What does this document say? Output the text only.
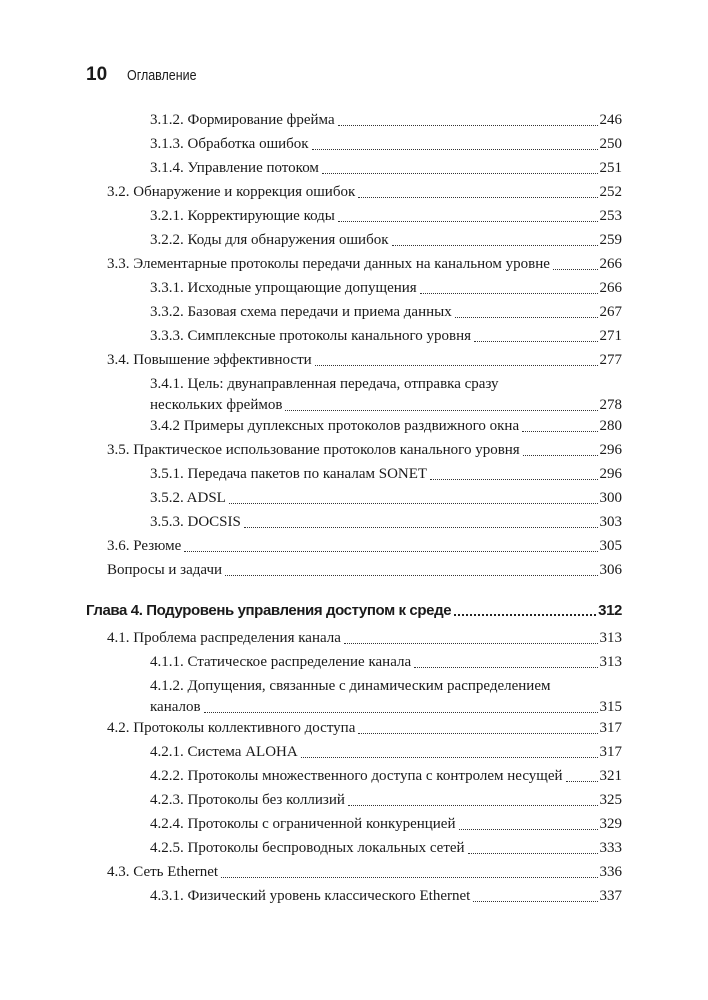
10 Оглавление
3.1.2. Формирование фрейма	246
3.1.3. Обработка ошибок	250
3.1.4. Управление потоком	251
3.2. Обнаружение и коррекция ошибок	252
3.2.1. Корректирующие коды	253
3.2.2. Коды для обнаружения ошибок	259
3.3. Элементарные протоколы передачи данных на канальном уровне	266
3.3.1. Исходные упрощающие допущения	266
3.3.2. Базовая схема передачи и приема данных	267
3.3.3. Симплексные протоколы канального уровня	271
3.4. Повышение эффективности	277
3.4.1. Цель: двунаправленная передача, отправка сразу
нескольких фреймов	278
3.4.2 Примеры дуплексных протоколов раздвижного окна	280
3.5. Практическое использование протоколов канального уровня	296
3.5.1. Передача пакетов по каналам SONET	296
3.5.2. ADSL	300
3.5.3. DOCSIS	303
3.6. Резюме	305
Вопросы и задачи	306
Глава 4. Подуровень управления доступом к среде	312
4.1. Проблема распределения канала	313
4.1.1. Статическое распределение канала	313
4.1.2. Допущения, связанные с динамическим распределением
каналов	315
4.2. Протоколы коллективного доступа	317
4.2.1. Система ALOHA	317
4.2.2. Протоколы множественного доступа с контролем несущей 321
4.2.3. Протоколы без коллизий	325
4.2.4. Протоколы с ограниченной конкуренцией	329
4.2.5. Протоколы беспроводных локальных сетей	333
4.3. Сеть Ethernet	336
4.3.1. Физический уровень классического Ethernet	337
